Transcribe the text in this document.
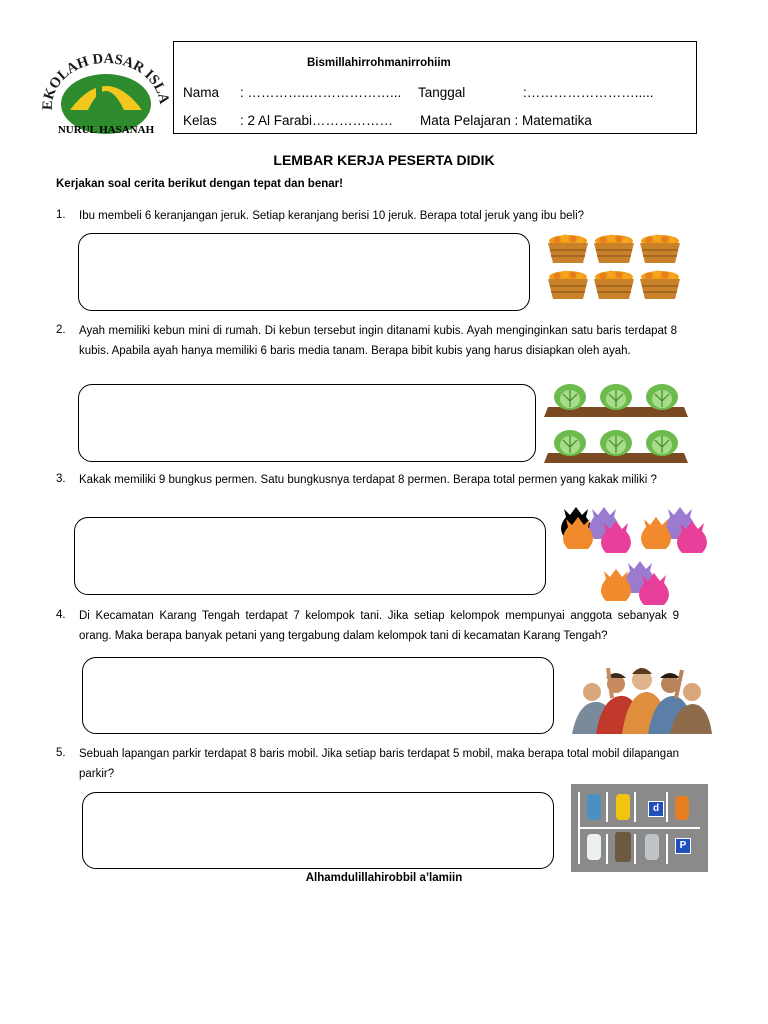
EKOLAH DASAR ISLA
NURUL HASANAH
Bismillahirrohmanirrohiim
Nama : …………..………………... Tanggal	:…………………….....
Kelas : 2 Al Farabi……………… Mata Pelajaran : Matematika
LEMBAR KERJA PESERTA DIDIK
Kerjakan soal cerita berikut dengan tepat dan benar!
1. Ibu membeli 6 keranjangan jeruk. Setiap keranjang berisi 10 jeruk. Berapa total jeruk yang ibu beli?
2. Ayah memiliki kebun mini di rumah. Di kebun tersebut ingin ditanami kubis. Ayah menginginkan satu baris terdapat 8 kubis. Apabila ayah hanya memiliki 6 baris media tanam. Berapa bibit kubis yang harus disiapkan oleh ayah.
3. Kakak memiliki 9 bungkus permen. Satu bungkusnya terdapat 8 permen. Berapa total permen yang kakak miliki ?
4. Di Kecamatan Karang Tengah terdapat 7 kelompok tani. Jika setiap kelompok mempunyai anggota sebanyak 9 orang. Maka berapa banyak petani yang tergabung dalam kelompok tani di kecamatan Karang Tengah?
5. Sebuah lapangan parkir terdapat 8 baris mobil. Jika setiap baris terdapat 5 mobil, maka berapa total mobil dilapangan parkir?
d
P
Alhamdulillahirobbil a’lamiin
